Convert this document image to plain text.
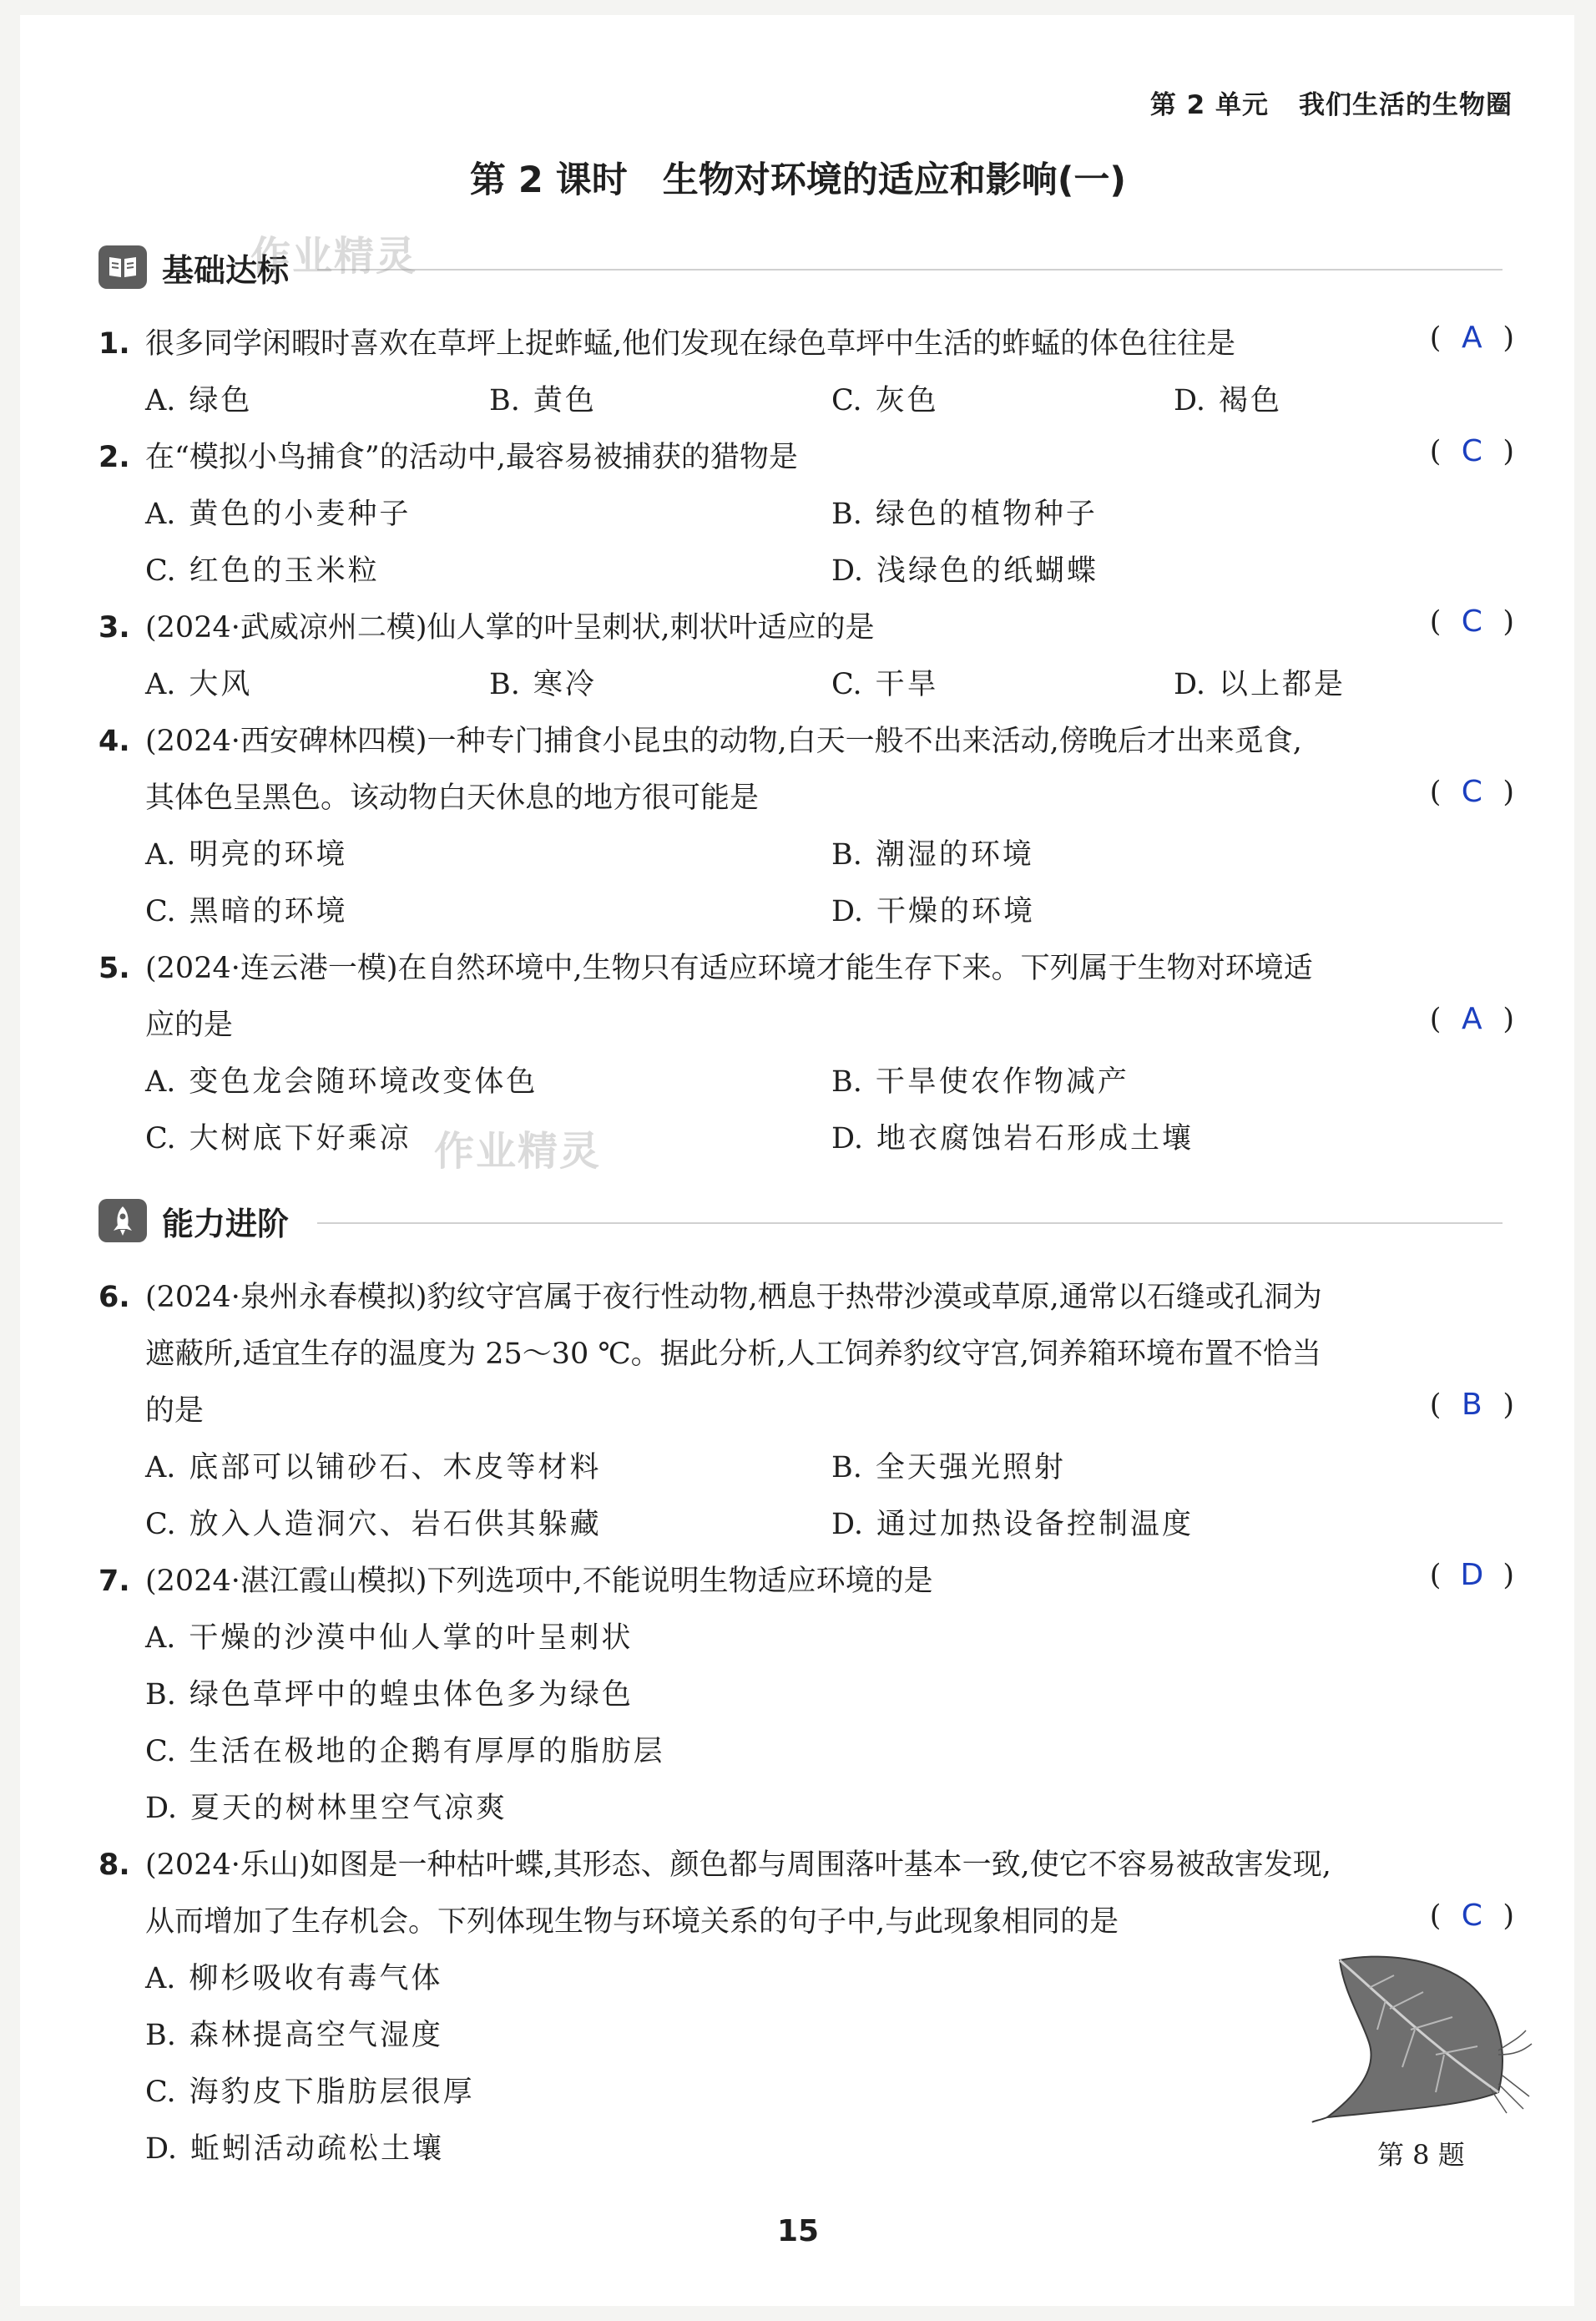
第 2 单元 我们生活的生物圈
第 2 课时 生物对环境的适应和影响(一)
基础达标
作业精灵
1. 很多同学闲暇时喜欢在草坪上捉蚱蜢,他们发现在绿色草坪中生活的蚱蜢的体色往往是	( A )
A. 绿色	B. 黄色	C. 灰色	D. 褐色
2. 在“模拟小鸟捕食”的活动中,最容易被捕获的猎物是	( C )
A. 黄色的小麦种子	B. 绿色的植物种子
C. 红色的玉米粒	D. 浅绿色的纸蝴蝶
3. (2024·武威凉州二模)仙人掌的叶呈刺状,刺状叶适应的是	( C )
A. 大风	B. 寒冷	C. 干旱	D. 以上都是
4. (2024·西安碑林四模)一种专门捕食小昆虫的动物,白天一般不出来活动,傍晚后才出来觅食,
其体色呈黑色。该动物白天休息的地方很可能是	( C )
A. 明亮的环境	B. 潮湿的环境
C. 黑暗的环境	D. 干燥的环境
5. (2024·连云港一模)在自然环境中,生物只有适应环境才能生存下来。下列属于生物对环境适
应的是	( A )
A. 变色龙会随环境改变体色	B. 干旱使农作物减产
C. 大树底下好乘凉	D. 地衣腐蚀岩石形成土壤
作业精灵
能力进阶
6. (2024·泉州永春模拟)豹纹守宫属于夜行性动物,栖息于热带沙漠或草原,通常以石缝或孔洞为
遮蔽所,适宜生存的温度为 25～30 ℃。据此分析,人工饲养豹纹守宫,饲养箱环境布置不恰当
的是	( B )
A. 底部可以铺砂石、木皮等材料	B. 全天强光照射
C. 放入人造洞穴、岩石供其躲藏	D. 通过加热设备控制温度
7. (2024·湛江霞山模拟)下列选项中,不能说明生物适应环境的是	( D )
A. 干燥的沙漠中仙人掌的叶呈刺状
B. 绿色草坪中的蝗虫体色多为绿色
C. 生活在极地的企鹅有厚厚的脂肪层
D. 夏天的树林里空气凉爽
8. (2024·乐山)如图是一种枯叶蝶,其形态、颜色都与周围落叶基本一致,使它不容易被敌害发现,
从而增加了生存机会。下列体现生物与环境关系的句子中,与此现象相同的是	( C )
A. 柳杉吸收有毒气体
B. 森林提高空气湿度
C. 海豹皮下脂肪层很厚
D. 蚯蚓活动疏松土壤	第 8 题
15
